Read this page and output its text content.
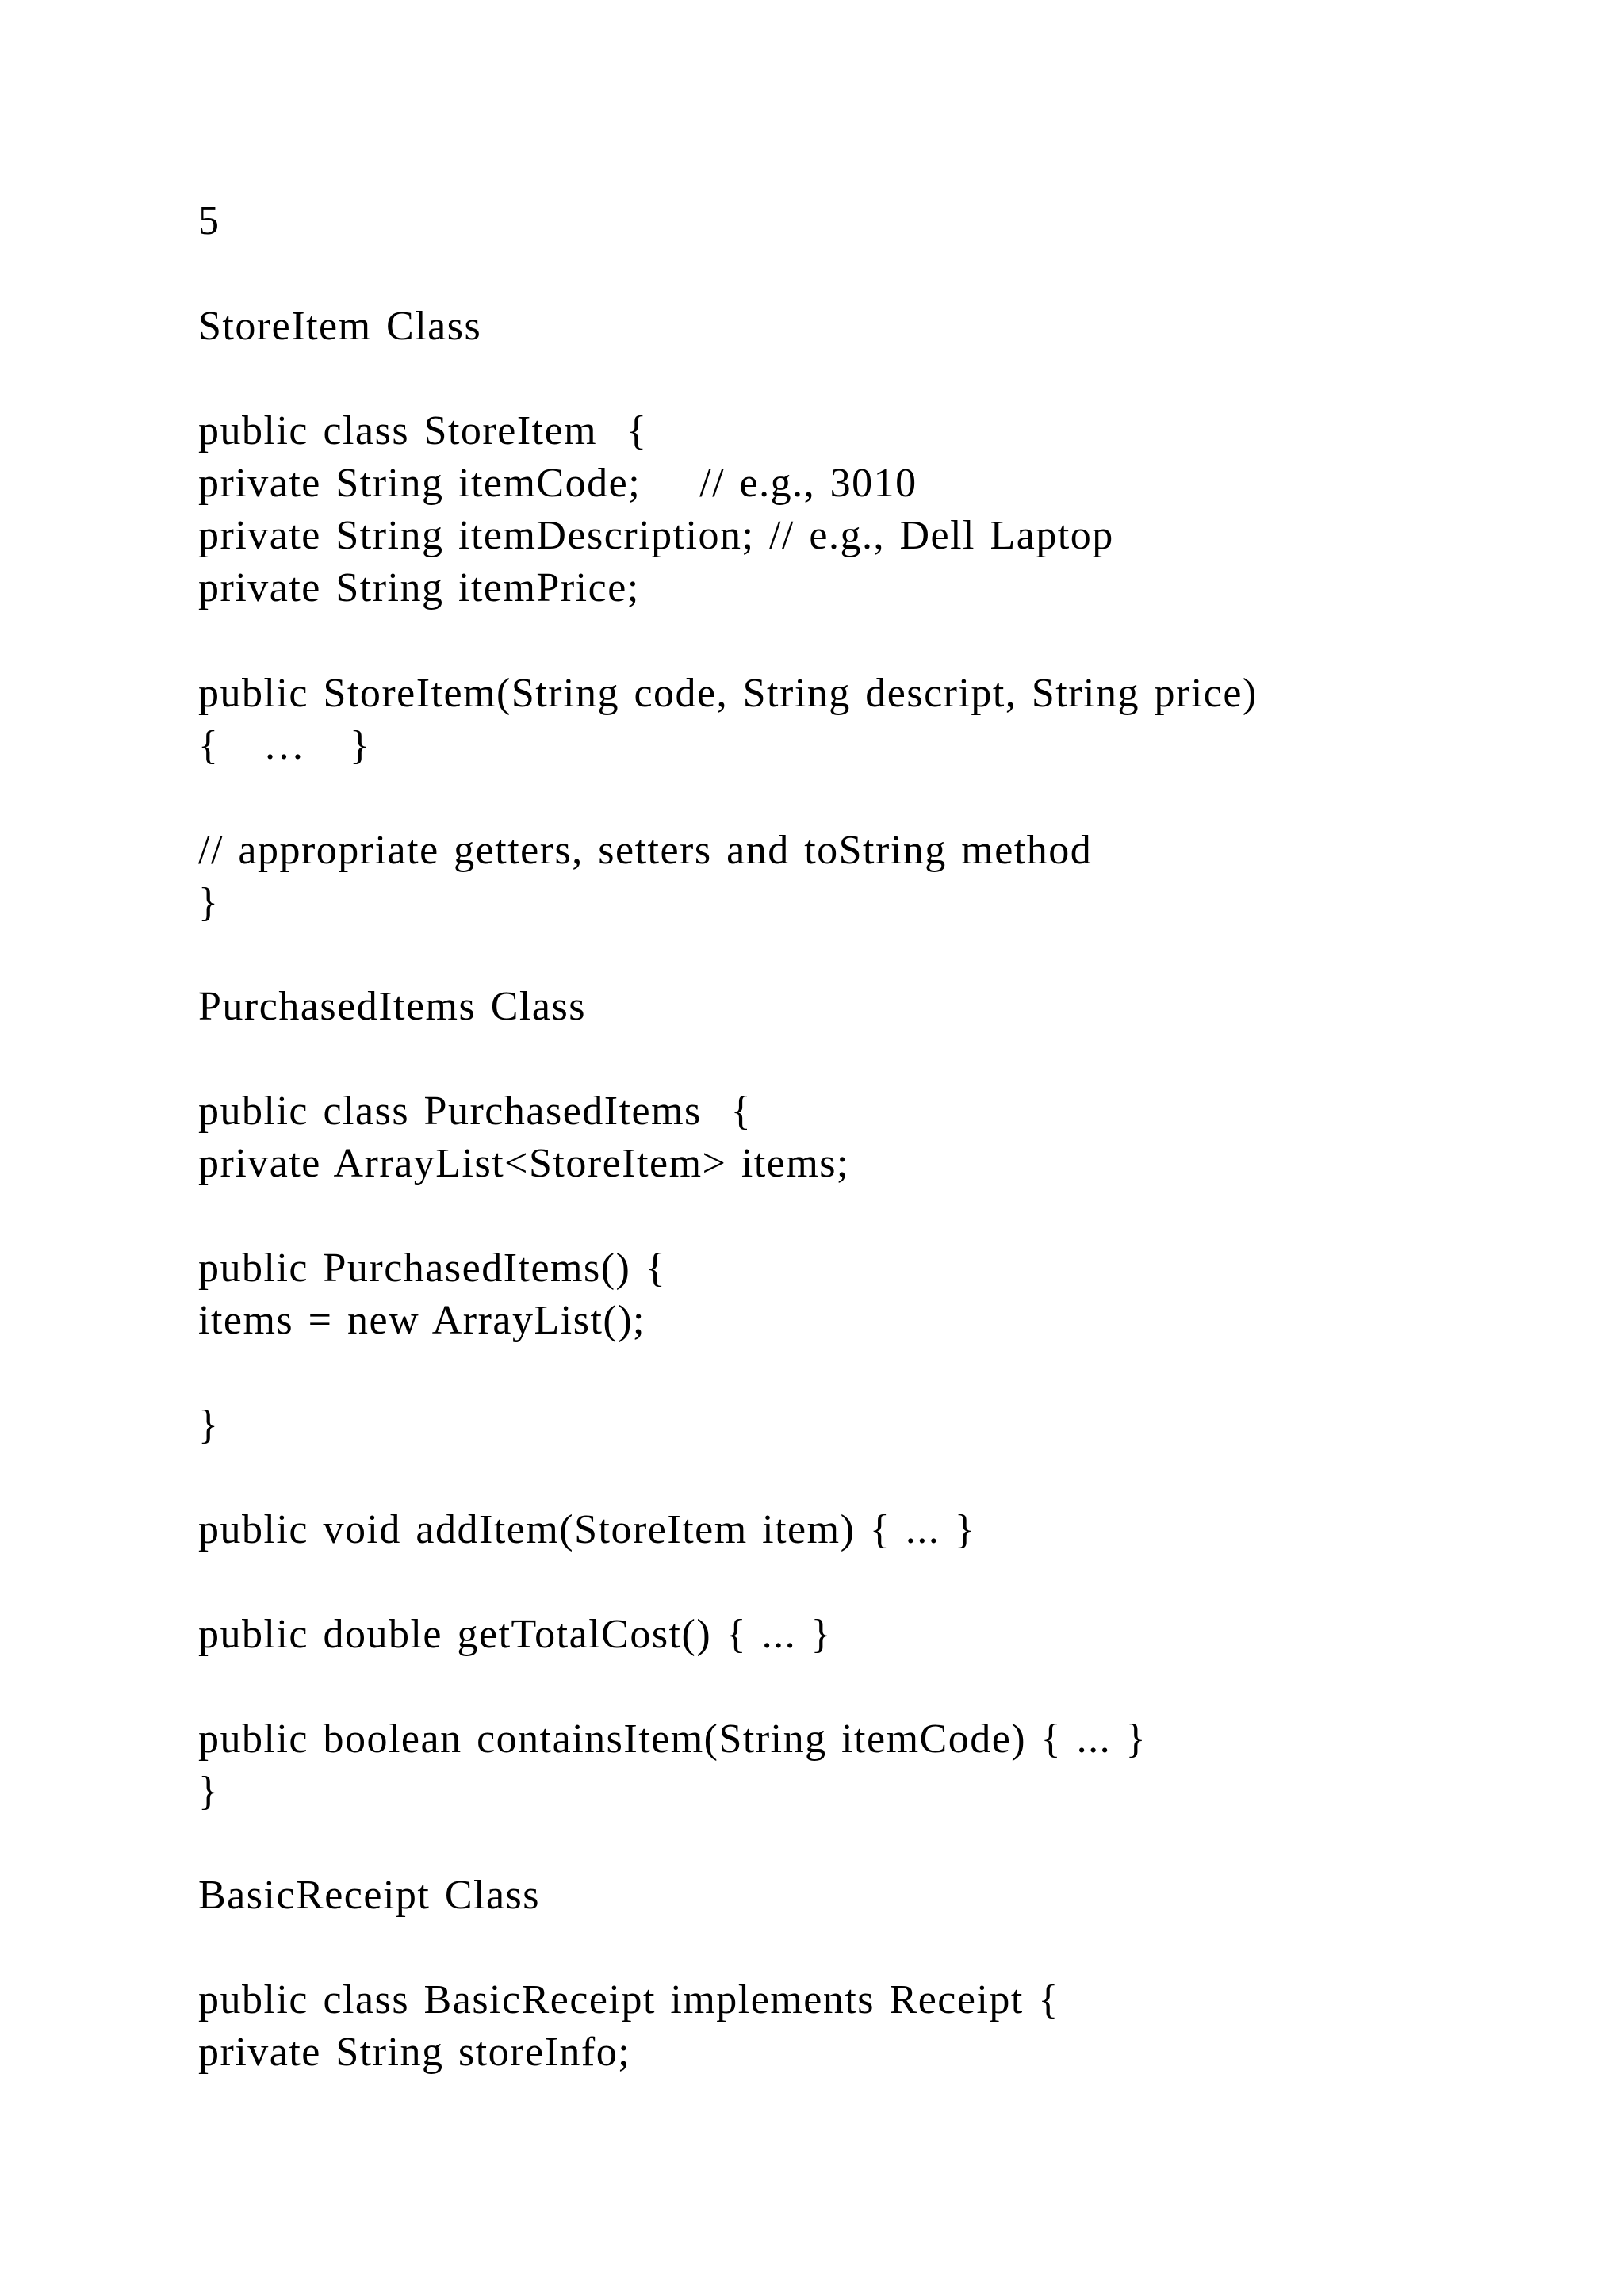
5
StoreItem Class
public class StoreItem  {
private String itemCode;    // e.g., 3010
private String itemDescription; // e.g., Dell Laptop
private String itemPrice;
public StoreItem(String code, String descript, String price)
{   …   }
// appropriate getters, setters and toString method
}
PurchasedItems Class
public class PurchasedItems  {
private ArrayList<StoreItem> items;
public PurchasedItems() {
items = new ArrayList();
}
public void addItem(StoreItem item) { ... }
public double getTotalCost() { ... }
public boolean containsItem(String itemCode) { ... }
}
BasicReceipt Class
public class BasicReceipt implements Receipt {
private String storeInfo;
